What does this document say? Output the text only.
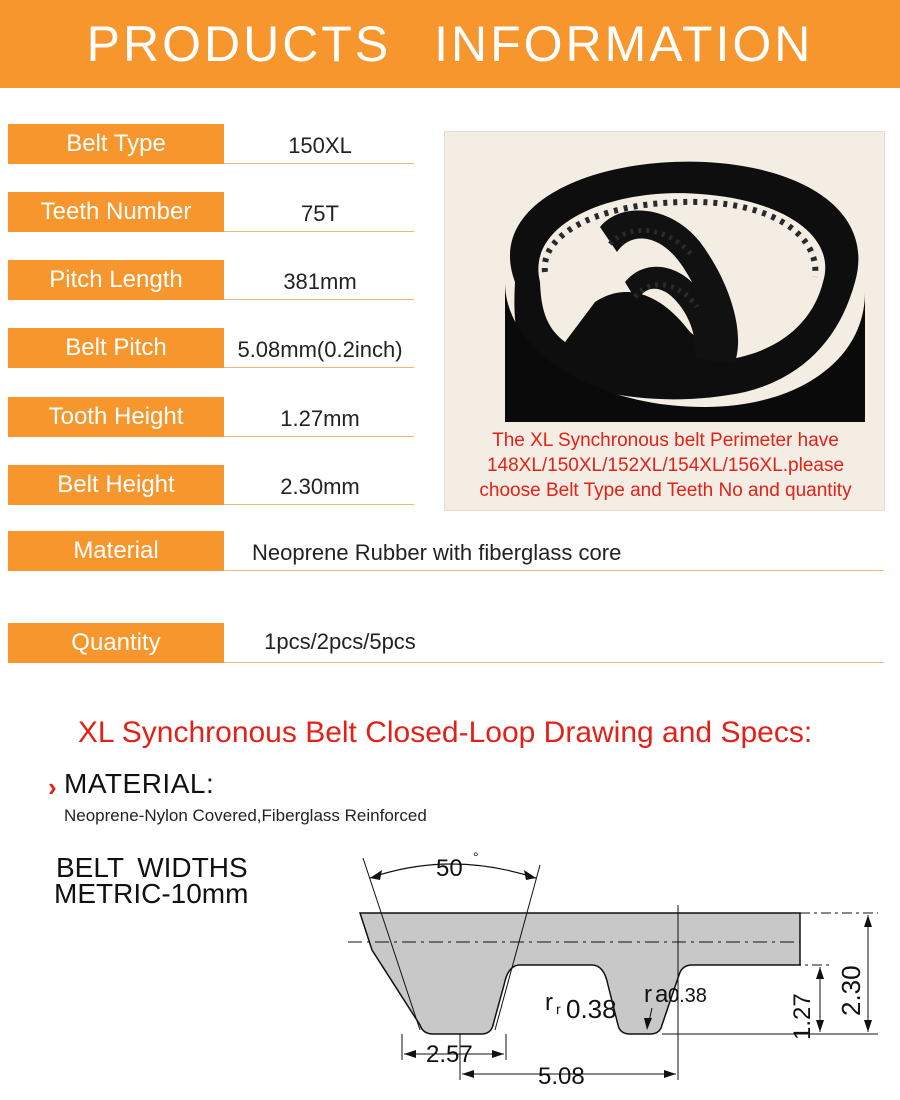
PRODUCTS INFORMATION
Belt Type	150XL
Teeth Number	75T
Pitch Length	381mm
Belt Pitch	5.08mm(0.2inch)
Tooth Height	1.27mm
Belt Height	2.30mm
Material	Neoprene Rubber with fiberglass core
Quantity	1pcs/2pcs/5pcs
The XL Synchronous belt Perimeter have
148XL/150XL/152XL/154XL/156XL.please
choose Belt Type and Teeth No and quantity
XL Synchronous Belt Closed-Loop Drawing and Specs:
› MATERIAL:
Neoprene-Nylon Covered,Fiberglass Reinforced
BELT WIDTHS
METRIC-10mm
50 °
2.57
5.08
r r 0.38 r a 0.38	1.27
2.30
